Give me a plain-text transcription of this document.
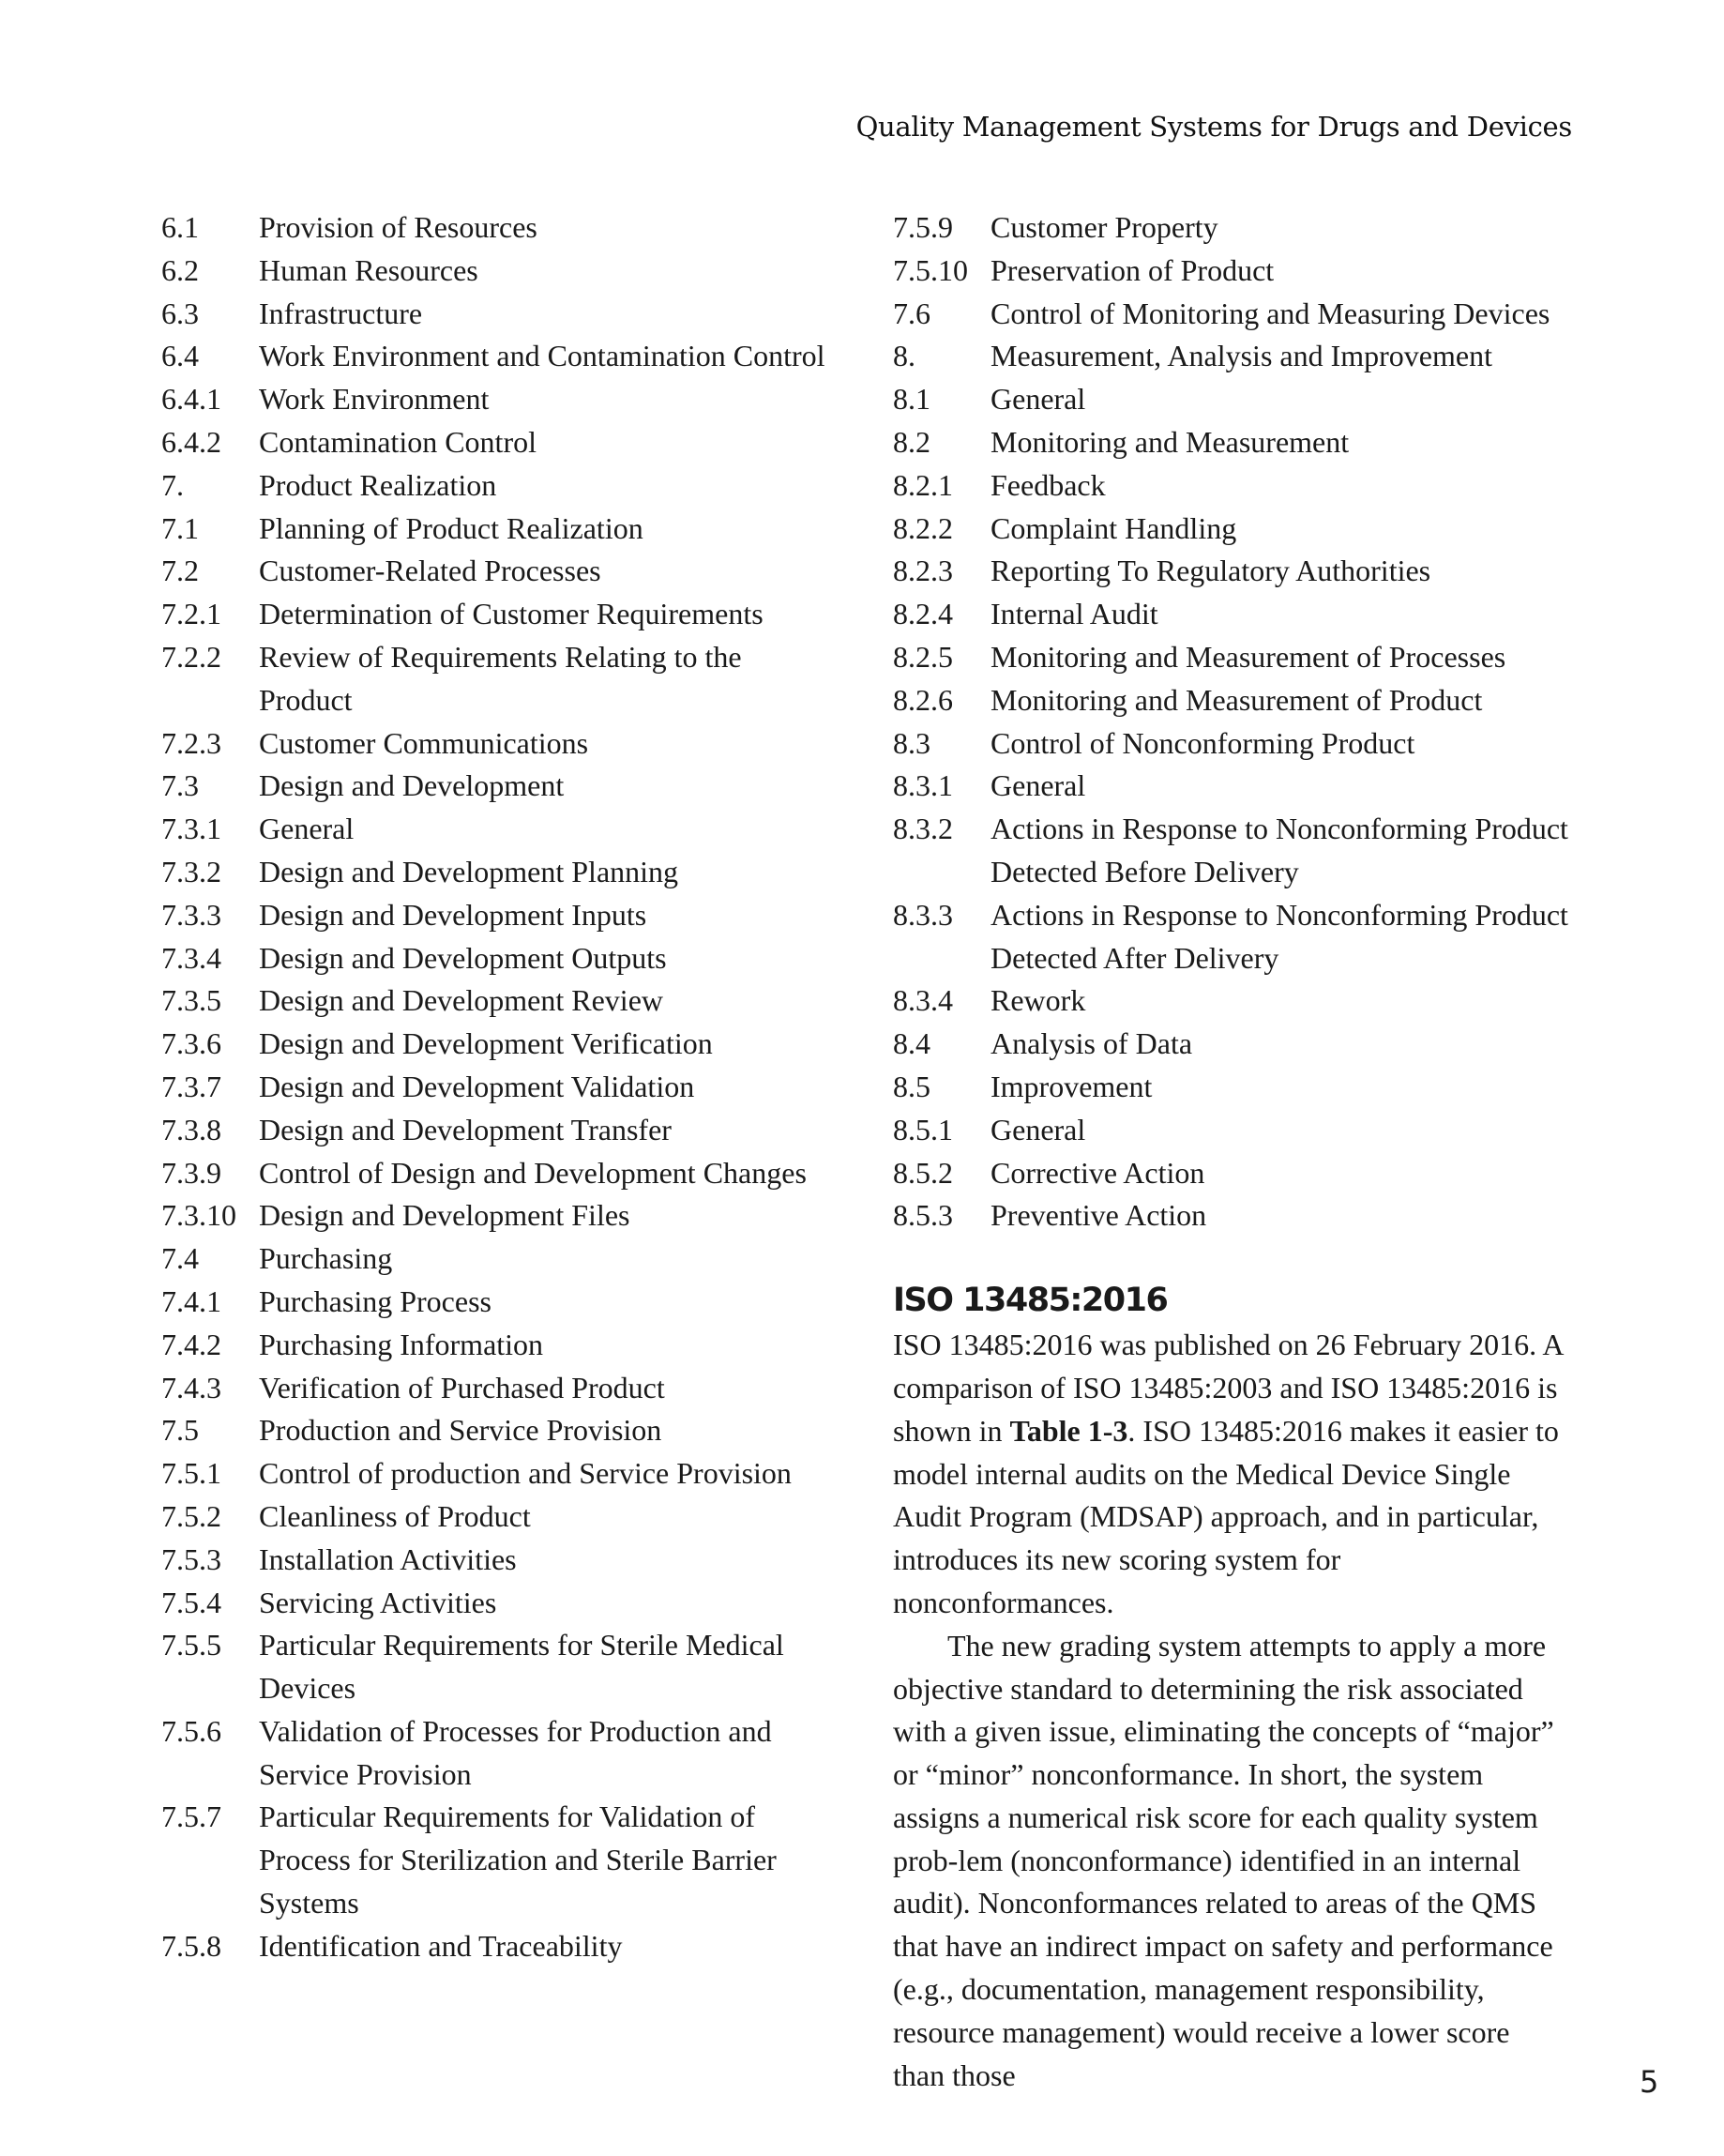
Quality Management Systems for Drugs and Devices
6.1	Provision of Resources
6.2	Human Resources
6.3	Infrastructure
6.4	Work Environment and Contamination Control
6.4.1	Work Environment
6.4.2	Contamination Control
7.	Product Realization
7.1	Planning of Product Realization
7.2	Customer-Related Processes
7.2.1	Determination of Customer Requirements
7.2.2	Review of Requirements Relating to the Product
7.2.3	Customer Communications
7.3	Design and Development
7.3.1	General
7.3.2	Design and Development Planning
7.3.3	Design and Development Inputs
7.3.4	Design and Development Outputs
7.3.5	Design and Development Review
7.3.6	Design and Development Verification
7.3.7	Design and Development Validation
7.3.8	Design and Development Transfer
7.3.9	Control of Design and Development Changes
7.3.10 Design and Development Files
7.4	Purchasing
7.4.1	Purchasing Process
7.4.2	Purchasing Information
7.4.3	Verification of Purchased Product
7.5	Production and Service Provision
7.5.1	Control of production and Service Provision
7.5.2	Cleanliness of Product
7.5.3	Installation Activities
7.5.4	Servicing Activities
7.5.5	Particular Requirements for Sterile Medical Devices
7.5.6	Validation of Processes for Production and Service Provision
7.5.7	Particular Requirements for Validation of Process for Sterilization and Sterile Barrier Systems
7.5.8	Identification and Traceability
7.5.9	Customer Property
7.5.10 Preservation of Product
7.6	Control of Monitoring and Measuring Devices
8.	Measurement, Analysis and Improvement
8.1	General
8.2	Monitoring and Measurement
8.2.1	Feedback
8.2.2	Complaint Handling
8.2.3	Reporting To Regulatory Authorities
8.2.4	Internal Audit
8.2.5	Monitoring and Measurement of Processes
8.2.6	Monitoring and Measurement of Product
8.3	Control of Nonconforming Product
8.3.1	General
8.3.2	Actions in Response to Nonconforming Product Detected Before Delivery
8.3.3	Actions in Response to Nonconforming Product Detected After Delivery
8.3.4	Rework
8.4	Analysis of Data
8.5	Improvement
8.5.1	General
8.5.2	Corrective Action
8.5.3	Preventive Action
ISO 13485:2016

ISO 13485:2016 was published on 26 February 2016. A comparison of ISO 13485:2003 and ISO 13485:2016 is shown in Table 1-3. ISO 13485:2016 makes it easier to model internal audits on the Medical Device Single Audit Program (MDSAP) approach, and in particular, introduces its new scoring system for nonconformances.

The new grading system attempts to apply a more objective standard to determining the risk associated with a given issue, eliminating the concepts of “major” or “minor” nonconformance. In short, the system assigns a numerical risk score for each quality system prob-lem (nonconformance) identified in an internal audit). Nonconformances related to areas of the QMS that have an indirect impact on safety and performance (e.g., documentation, management responsibility, resource management) would receive a lower score than those	5
